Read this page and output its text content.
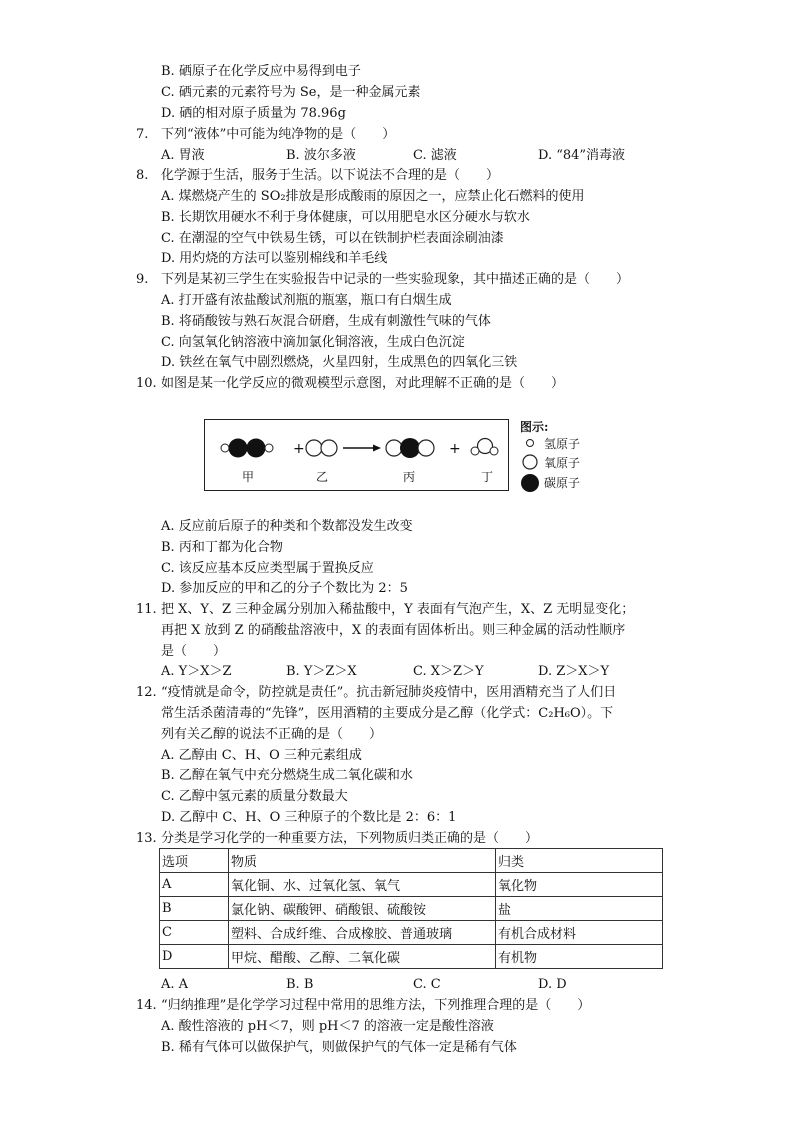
7.
8.
9.
10.
11.
12.
13.
14.
B. 硒原子在化学反应中易得到电子
C. 硒元素的元素符号为 Se，是一种金属元素
D. 硒的相对原子质量为 78.96g
下列“液体”中可能为纯净物的是（　　）
A. 胃液	B. 波尔多液	C. 滤液	D. “84”消毒液
化学源于生活，服务于生活。以下说法不合理的是（　　）
A. 煤燃烧产生的 SO₂排放是形成酸雨的原因之一，应禁止化石燃料的使用
B. 长期饮用硬水不利于身体健康，可以用肥皂水区分硬水与软水
C. 在潮湿的空气中铁易生锈，可以在铁制护栏表面涂刷油漆
D. 用灼烧的方法可以鉴别棉线和羊毛线
下列是某初三学生在实验报告中记录的一些实验现象，其中描述正确的是（　　）
A. 打开盛有浓盐酸试剂瓶的瓶塞，瓶口有白烟生成
B. 将硝酸铵与熟石灰混合研磨，生成有刺激性气味的气体
C. 向氢氧化钠溶液中滴加氯化铜溶液，生成白色沉淀
D. 铁丝在氧气中剧烈燃烧，火星四射，生成黑色的四氧化三铁
如图是某一化学反应的微观模型示意图，对此理解不正确的是（　　）
+	+
甲	乙	丙	丁
图示:
氢原子
氧原子
碳原子
A. 反应前后原子的种类和个数都没发生改变
B. 丙和丁都为化合物
C. 该反应基本反应类型属于置换反应
D. 参加反应的甲和乙的分子个数比为 2：5
把 X、Y、Z 三种金属分别加入稀盐酸中，Y 表面有气泡产生，X、Z 无明显变化；
再把 X 放到 Z 的硝酸盐溶液中，X 的表面有固体析出。则三种金属的活动性顺序
是（　　）
A. Y＞X＞Z	B. Y＞Z＞X	C. X＞Z＞Y	D. Z＞X＞Y
“疫情就是命令，防控就是责任”。抗击新冠肺炎疫情中，医用酒精充当了人们日
常生活杀菌清毒的“先锋”，医用酒精的主要成分是乙醇（化学式：C₂H₆O）。下
列有关乙醇的说法不正确的是（　　）
A. 乙醇由 C、H、O 三种元素组成
B. 乙醇在氧气中充分燃烧生成二氧化碳和水
C. 乙醇中氢元素的质量分数最大
D. 乙醇中 C、H、O 三种原子的个数比是 2：6：1
分类是学习化学的一种重要方法，下列物质归类正确的是（　　）
选项	物质	归类
A	氧化铜、水、过氧化氢、氧气	氧化物
B	氯化钠、碳酸钾、硝酸银、硫酸铵	盐
C	塑料、合成纤维、合成橡胶、普通玻璃	有机合成材料
D	甲烷、醋酸、乙醇、二氧化碳	有机物
A. A	B. B	C. C	D. D
“归纳推理”是化学学习过程中常用的思维方法，下列推理合理的是（　　）
A. 酸性溶液的 pH＜7，则 pH＜7 的溶液一定是酸性溶液
B. 稀有气体可以做保护气，则做保护气的气体一定是稀有气体
